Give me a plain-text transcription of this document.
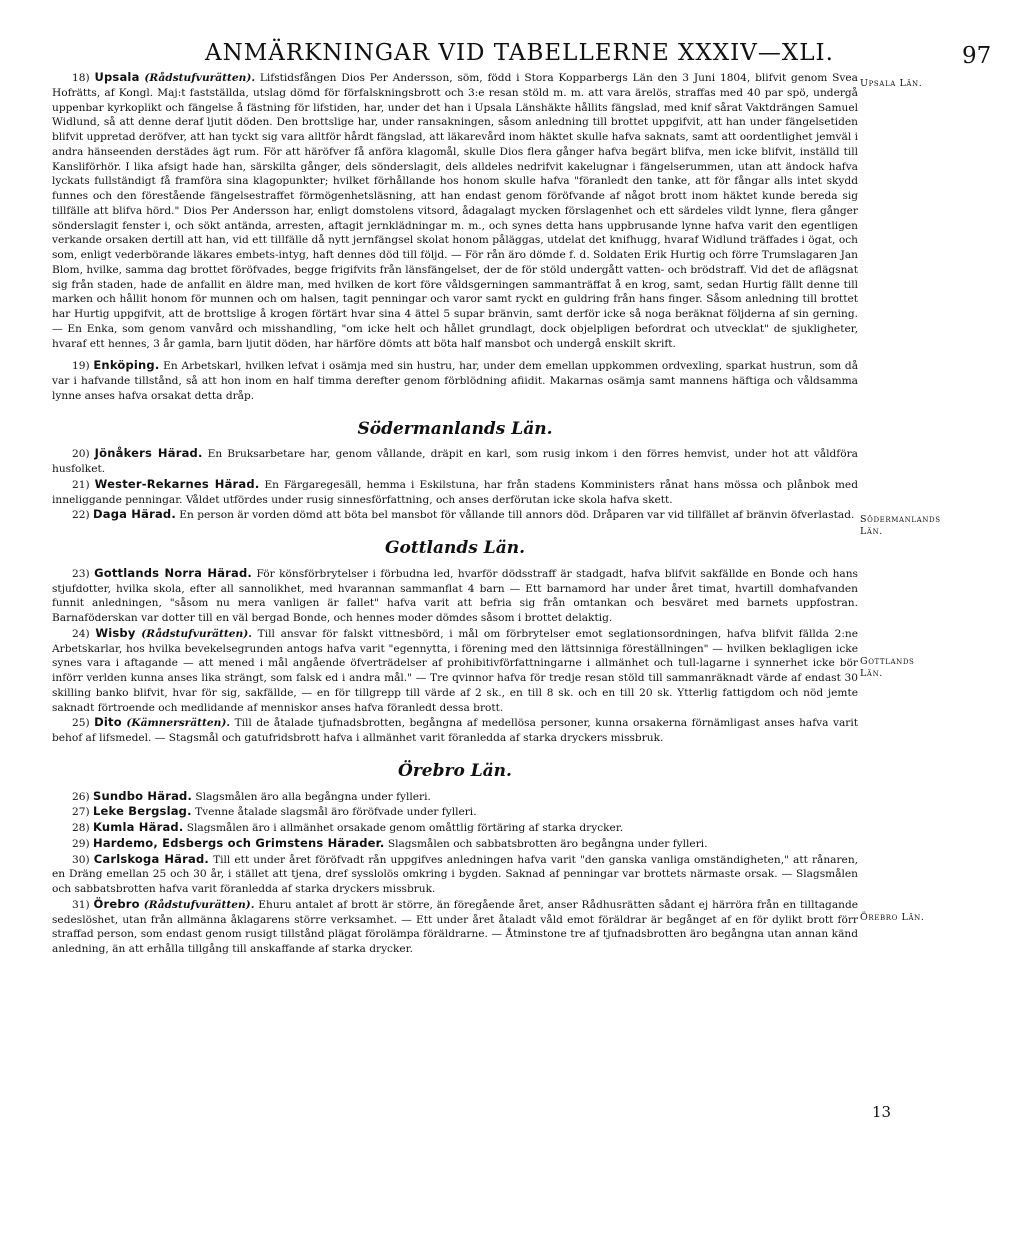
ANMÄRKNINGAR VID TABELLERNE XXXIV—XLI.	97
Upsala Län.
Södermanlands Län.
Gottlands Län.
Örebro Län.

18) Upsala (Rådstufvurätten). Lifstidsfången Dios Per Andersson, söm, född i Stora Kopparbergs Län den 3 Juni 1804, blifvit genom Svea Hofrätts, af Kongl. Maj:t fastställda, utslag dömd för förfalskningsbrott och 3:e resan stöld m. m. att vara ärelös, straffas med 40 par spö, undergå uppenbar kyrkoplikt och fängelse å fästning för lifstiden, har, under det han i Upsala Länshäkte hållits fängslad, med knif sårat Vaktdrängen Samuel Widlund, så att denne deraf ljutit döden. Den brottslige har, under ransakningen, såsom anledning till brottet uppgifvit, att han under fängelsetiden blifvit uppretad deröfver, att han tyckt sig vara alltför hårdt fängslad, att läkarevård inom häktet skulle hafva saknats, samt att oordentlighet jemväl i andra hänseenden derstädes ägt rum. För att häröfver få anföra klagomål, skulle Dios flera gånger hafva begärt blifva, men icke blifvit, inställd till Kansliförhör. I lika afsigt hade han, särskilta gånger, dels sönderslagit, dels alldeles nedrifvit kakelugnar i fängelserummen, utan att ändock hafva lyckats fullständigt få framföra sina klagopunkter; hvilket förhållande hos honom skulle hafva "föranledt den tanke, att för fångar alls intet skydd funnes och den förestående fängelsestraffet förmögenhetsläsning, att han endast genom föröfvande af något brott inom häktet kunde bereda sig tillfälle att blifva hörd." Dios Per Andersson har, enligt domstolens vitsord, ådagalagt mycken förslagenhet och ett särdeles vildt lynne, flera gånger sönderslagit fenster i, och sökt antända, arresten, aftagit jernklädningar m. m., och synes detta hans uppbrusande lynne hafva varit den egentligen verkande orsaken dertill att han, vid ett tillfälle då nytt jernfängsel skolat honom påläggas, utdelat det knifhugg, hvaraf Widlund träffades i ögat, och som, enligt vederbörande läkares embets-intyg, haft dennes död till följd. — För rån äro dömde f. d. Soldaten Erik Hurtig och förre Trumslagaren Jan Blom, hvilke, samma dag brottet föröfvades, begge frigifvits från länsfängelset, der de för stöld undergått vatten- och brödstraff. Vid det de aflägsnat sig från staden, hade de anfallit en äldre man, med hvilken de kort före våldsgerningen sammanträffat å en krog, samt, sedan Hurtig fällt denne till marken och hållit honom för munnen och om halsen, tagit penningar och varor samt ryckt en guldring från hans finger. Såsom anledning till brottet har Hurtig uppgifvit, att de brottslige å krogen förtärt hvar sina 4 ättel 5 supar bränvin, samt derför icke så noga beräknat följderna af sin gerning. — En Enka, som genom vanvård och misshandling, "om icke helt och hållet grundlagt, dock objelpligen befordrat och utvecklat" de sjukligheter, hvaraf ett hennes, 3 år gamla, barn ljutit döden, har härföre dömts att böta half mansbot och undergå enskilt skrift.

19) Enköping. En Arbetskarl, hvilken lefvat i osämja med sin hustru, har, under dem emellan uppkommen ordvexling, sparkat hustrun, som då var i hafvande tillstånd, så att hon inom en half timma derefter genom förblödning afiidit. Makarnas osämja samt mannens häftiga och våldsamma lynne anses hafva orsakat detta dråp.

Södermanlands Län.

20) Jönåkers Härad. En Bruksarbetare har, genom vållande, dräpit en karl, som rusig inkom i den förres hemvist, under hot att våldföra husfolket.

21) Wester-Rekarnes Härad. En Färgaregesäll, hemma i Eskilstuna, har från stadens Komministers rånat hans mössa och plånbok med inneliggande penningar. Våldet utfördes under rusig sinnesförfattning, och anses derförutan icke skola hafva skett.

22) Daga Härad. En person är vorden dömd att böta bel mansbot för vållande till annors död. Dråparen var vid tillfället af bränvin öfverlastad.

Gottlands Län.

23) Gottlands Norra Härad. För könsförbrytelser i förbudna led, hvarför dödsstraff är stadgadt, hafva blifvit sakfällde en Bonde och hans stjufdotter, hvilka skola, efter all sannolikhet, med hvarannan sammanflat 4 barn — Ett barnamord har under året timat, hvartill domhafvanden funnit anledningen, "såsom nu mera vanligen är fallet" hafva varit att befria sig från omtankan och besväret med barnets uppfostran. Barnaföderskan var dotter till en väl bergad Bonde, och hennes moder dömdes såsom i brottet delaktig.

24) Wisby (Rådstufvurätten). Till ansvar för falskt vittnesbörd, i mål om förbrytelser emot seglationsordningen, hafva blifvit fällda 2:ne Arbetskarlar, hos hvilka bevekelsegrunden antogs hafva varit "egennytta, i förening med den lättsinniga föreställningen" — hvilken beklagligen icke synes vara i aftagande — att mened i mål angående öfverträdelser af prohibitivförfattningarne i allmänhet och tull-lagarne i synnerhet icke bör införr verlden kunna anses lika strängt, som falsk ed i andra mål." — Tre qvinnor hafva för tredje resan stöld till sammanräknadt värde af endast 30 skilling banko blifvit, hvar för sig, sakfällde, — en för tillgrepp till värde af 2 sk., en till 8 sk. och en till 20 sk. Ytterlig fattigdom och nöd jemte saknadt förtroende och medlidande af menniskor anses hafva föranledt dessa brott.

25) Dito (Kämnersrätten). Till de åtalade tjufnadsbrotten, begångna af medellösa personer, kunna orsakerna förnämligast anses hafva varit behof af lifsmedel. — Stagsmål och gatufridsbrott hafva i allmänhet varit föranledda af starka dryckers missbruk.

Örebro Län.

26) Sundbo Härad. Slagsmålen äro alla begångna under fylleri.

27) Leke Bergslag. Tvenne åtalade slagsmål äro föröfvade under fylleri.

28) Kumla Härad. Slagsmålen äro i allmänhet orsakade genom omåttlig förtäring af starka drycker.

29) Hardemo, Edsbergs och Grimstens Härader. Slagsmålen och sabbatsbrotten äro begångna under fylleri.

30) Carlskoga Härad. Till ett under året föröfvadt rån uppgifves anledningen hafva varit "den ganska vanliga omständigheten," att rånaren, en Dräng emellan 25 och 30 år, i stället att tjena, dref sysslolös omkring i bygden. Saknad af penningar var brottets närmaste orsak. — Slagsmålen och sabbatsbrotten hafva varit föranledda af starka dryckers missbruk.

31) Örebro (Rådstufvurätten). Ehuru antalet af brott är större, än föregående året, anser Rådhusrätten sådant ej härröra från en tilltagande sedeslöshet, utan från allmänna åklagarens större verksamhet. — Ett under året åtaladt våld emot föräldrar är begånget af en för dylikt brott förr straffad person, som endast genom rusigt tillstånd plägat förolämpa föräldrarne. — Åtminstone tre af tjufnadsbrotten äro begångna utan annan känd anledning, än att erhålla tillgång till anskaffande af starka drycker.

13
